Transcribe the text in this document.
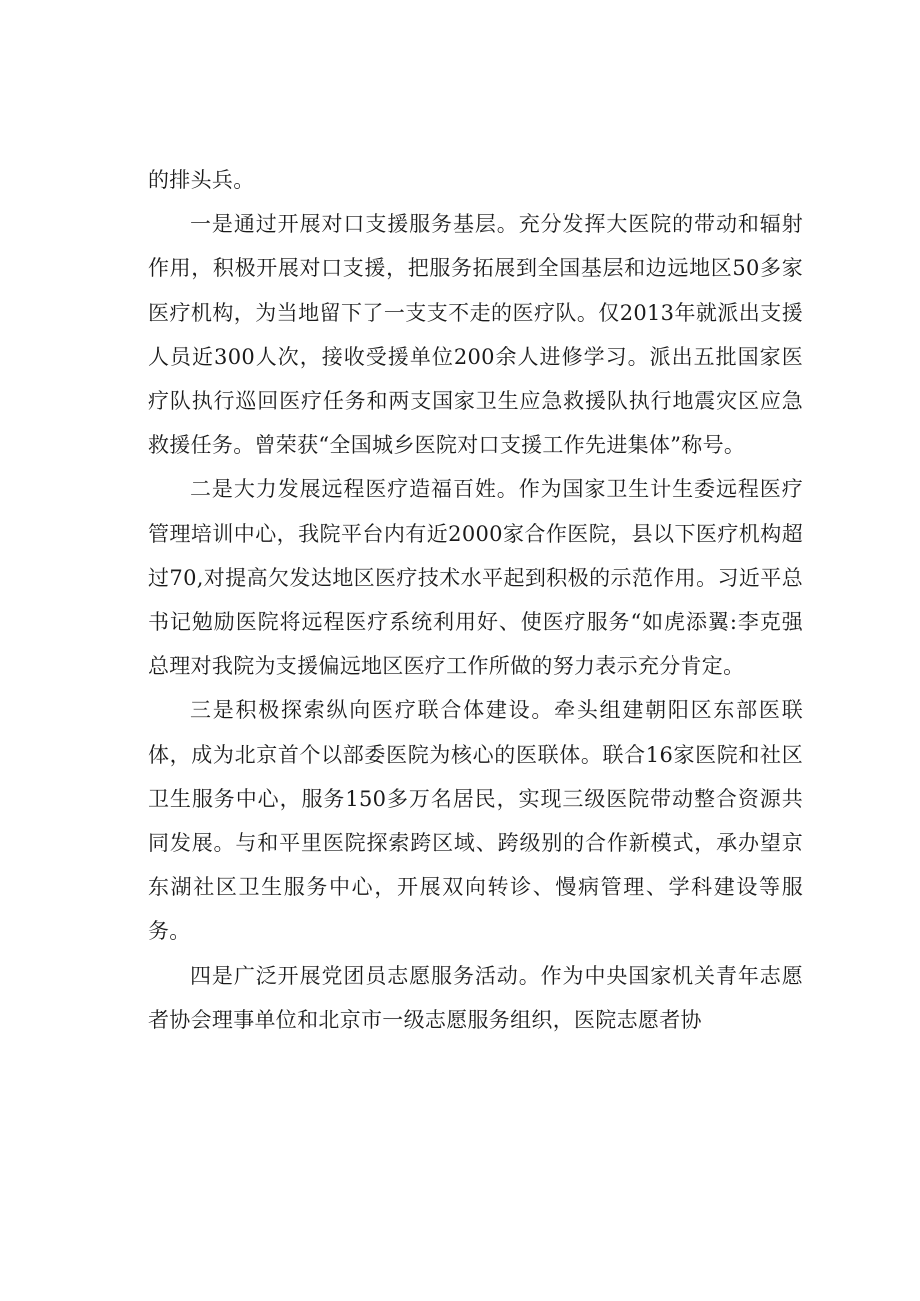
的排头兵。

一是通过开展对口支援服务基层。充分发挥大医院的带动和辐射作用，积极开展对口支援，把服务拓展到全国基层和边远地区50多家医疗机构，为当地留下了一支支不走的医疗队。仅2013年就派出支援人员近300人次，接收受援单位200余人进修学习。派出五批国家医疗队执行巡回医疗任务和两支国家卫生应急救援队执行地震灾区应急救援任务。曾荣获“全国城乡医院对口支援工作先进集体”称号。

二是大力发展远程医疗造福百姓。作为国家卫生计生委远程医疗管理培训中心，我院平台内有近2000家合作医院，县以下医疗机构超过70,对提高欠发达地区医疗技术水平起到积极的示范作用。习近平总书记勉励医院将远程医疗系统利用好、使医疗服务“如虎添翼:李克强总理对我院为支援偏远地区医疗工作所做的努力表示充分肯定。

三是积极探索纵向医疗联合体建设。牵头组建朝阳区东部医联体，成为北京首个以部委医院为核心的医联体。联合16家医院和社区卫生服务中心，服务150多万名居民，实现三级医院带动整合资源共同发展。与和平里医院探索跨区域、跨级别的合作新模式，承办望京东湖社区卫生服务中心，开展双向转诊、慢病管理、学科建设等服务。

四是广泛开展党团员志愿服务活动。作为中央国家机关青年志愿者协会理事单位和北京市一级志愿服务组织，医院志愿者协
